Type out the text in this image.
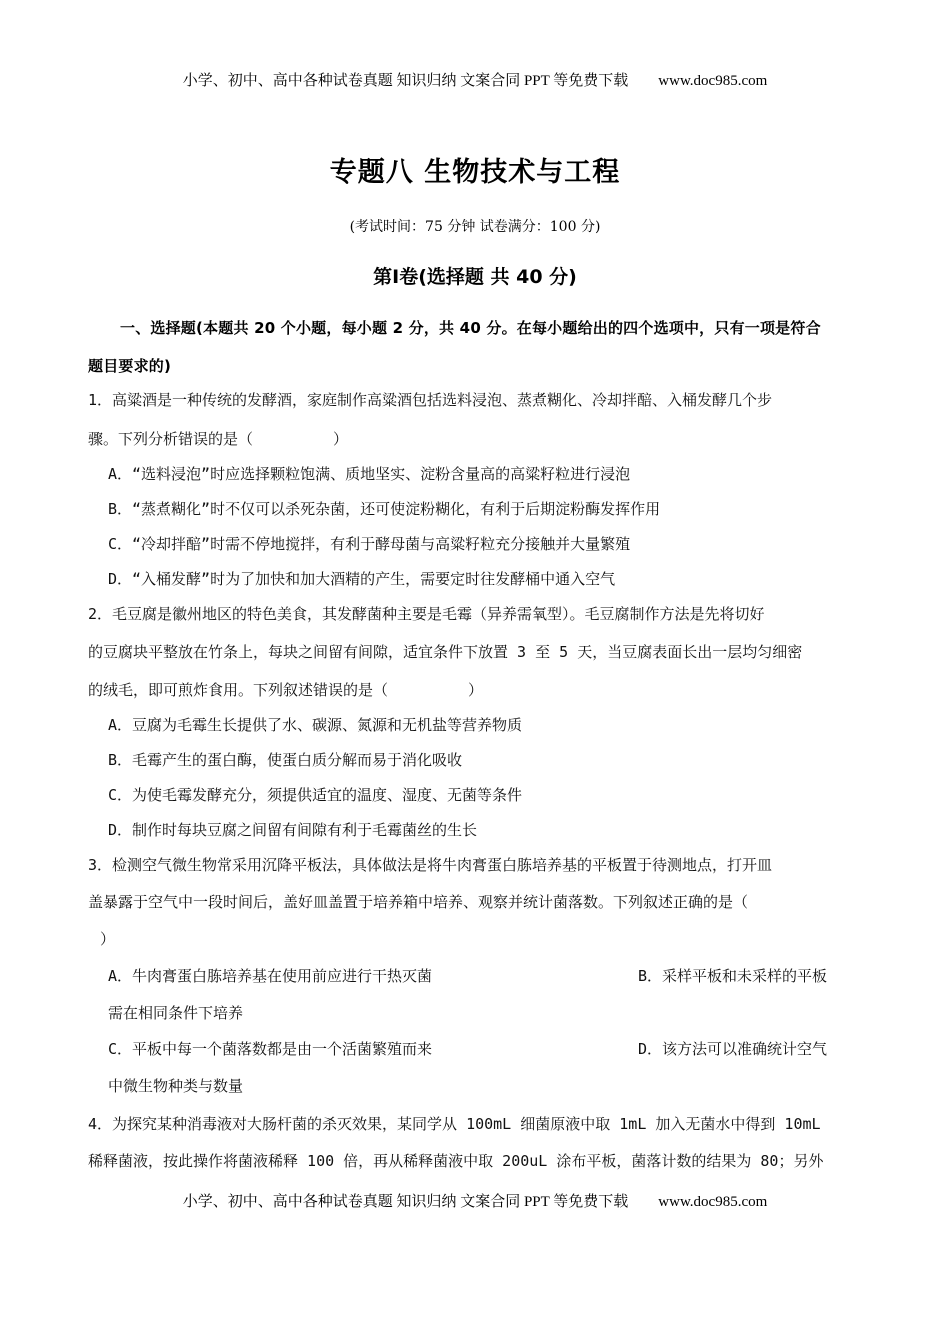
小学、初中、高中各种试卷真题 知识归纳 文案合同 PPT 等免费下载 www.doc985.com
专题八 生物技术与工程
(考试时间：75 分钟 试卷满分：100 分)
第Ⅰ卷(选择题 共 40 分)
一、选择题(本题共 20 个小题，每小题 2 分，共 40 分。在每小题给出的四个选项中，只有一项是符合
题目要求的)
1．高粱酒是一种传统的发酵酒，家庭制作高粱酒包括选料浸泡、蒸煮糊化、冷却拌醅、入桶发酵几个步
骤。下列分析错误的是（	）
A．“选料浸泡”时应选择颗粒饱满、质地坚实、淀粉含量高的高粱籽粒进行浸泡
B．“蒸煮糊化”时不仅可以杀死杂菌，还可使淀粉糊化，有利于后期淀粉酶发挥作用
C．“冷却拌醅”时需不停地搅拌，有利于酵母菌与高粱籽粒充分接触并大量繁殖
D．“入桶发酵”时为了加快和加大酒精的产生，需要定时往发酵桶中通入空气
2．毛豆腐是徽州地区的特色美食，其发酵菌种主要是毛霉（异养需氧型）。毛豆腐制作方法是先将切好
的豆腐块平整放在竹条上，每块之间留有间隙，适宜条件下放置 3 至 5 天，当豆腐表面长出一层均匀细密
的绒毛，即可煎炸食用。下列叙述错误的是（	）
A．豆腐为毛霉生长提供了水、碳源、氮源和无机盐等营养物质
B．毛霉产生的蛋白酶，使蛋白质分解而易于消化吸收
C．为使毛霉发酵充分，须提供适宜的温度、湿度、无菌等条件
D．制作时每块豆腐之间留有间隙有利于毛霉菌丝的生长
3．检测空气微生物常采用沉降平板法，具体做法是将牛肉膏蛋白胨培养基的平板置于待测地点，打开皿
盖暴露于空气中一段时间后，盖好皿盖置于培养箱中培养、观察并统计菌落数。下列叙述正确的是（
）
A．牛肉膏蛋白胨培养基在使用前应进行干热灭菌	B．采样平板和未采样的平板
需在相同条件下培养
C．平板中每一个菌落数都是由一个活菌繁殖而来	D．该方法可以准确统计空气
中微生物种类与数量
4．为探究某种消毒液对大肠杆菌的杀灭效果，某同学从 100mL 细菌原液中取 1mL 加入无菌水中得到 10mL
稀释菌液，按此操作将菌液稀释 100 倍，再从稀释菌液中取 200uL 涂布平板，菌落计数的结果为 80；另外
小学、初中、高中各种试卷真题 知识归纳 文案合同 PPT 等免费下载 www.doc985.com
